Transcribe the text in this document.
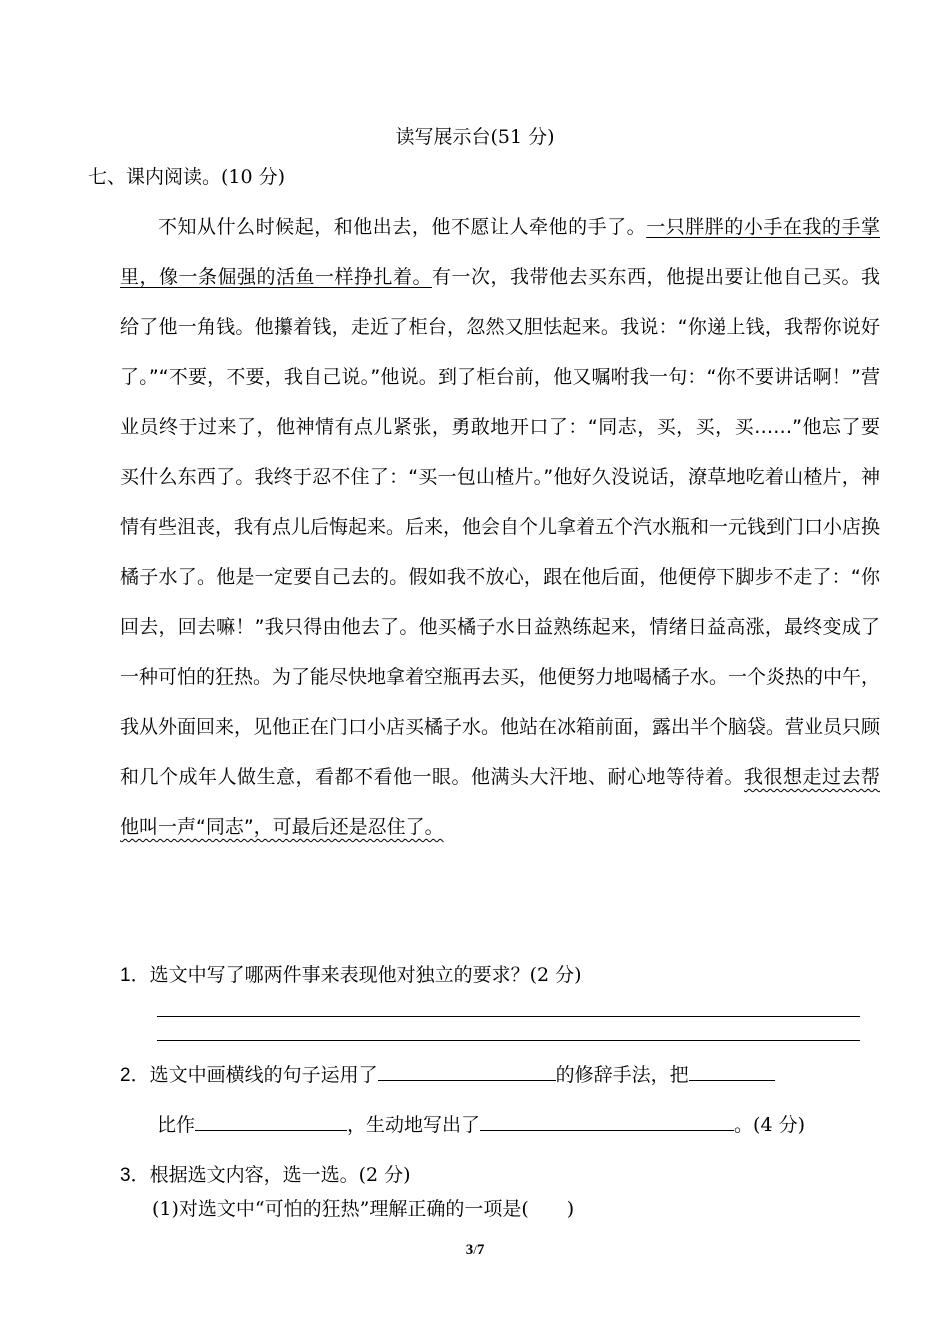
读写展示台(51 分)
七、课内阅读。(10 分)

不知从什么时候起，和他出去，他不愿让人牵他的手了。一只胖胖的小手在我的手掌里，像一条倔强的活鱼一样挣扎着。有一次，我带他去买东西，他提出要让他自己买。我给了他一角钱。他攥着钱，走近了柜台，忽然又胆怯起来。我说：“你递上钱，我帮你说好了。”“不要，不要，我自己说。”他说。到了柜台前，他又嘱咐我一句：“你不要讲话啊！”营业员终于过来了，他神情有点儿紧张，勇敢地开口了：“同志，买，买，买……”他忘了要买什么东西了。我终于忍不住了：“买一包山楂片。”他好久没说话，潦草地吃着山楂片，神情有些沮丧，我有点儿后悔起来。后来，他会自个儿拿着五个汽水瓶和一元钱到门口小店换橘子水了。他是一定要自己去的。假如我不放心，跟在他后面，他便停下脚步不走了：“你回去，回去嘛！”我只得由他去了。他买橘子水日益熟练起来，情绪日益高涨，最终变成了一种可怕的狂热。为了能尽快地拿着空瓶再去买，他便努力地喝橘子水。一个炎热的中午，我从外面回来，见他正在门口小店买橘子水。他站在冰箱前面，露出半个脑袋。营业员只顾和几个成年人做生意，看都不看他一眼。他满头大汗地、耐心地等待着。我很想走过去帮他叫一声“同志”，可最后还是忍住了。

1．选文中写了哪两件事来表现他对独立的要求？(2 分)
2．选文中画横线的句子运用了	的修辞手法，把
比作	，生动地写出了	。(4 分)
3．根据选文内容，选一选。(2 分)
(1)对选文中“可怕的狂热”理解正确的一项是(　　)
3/7
